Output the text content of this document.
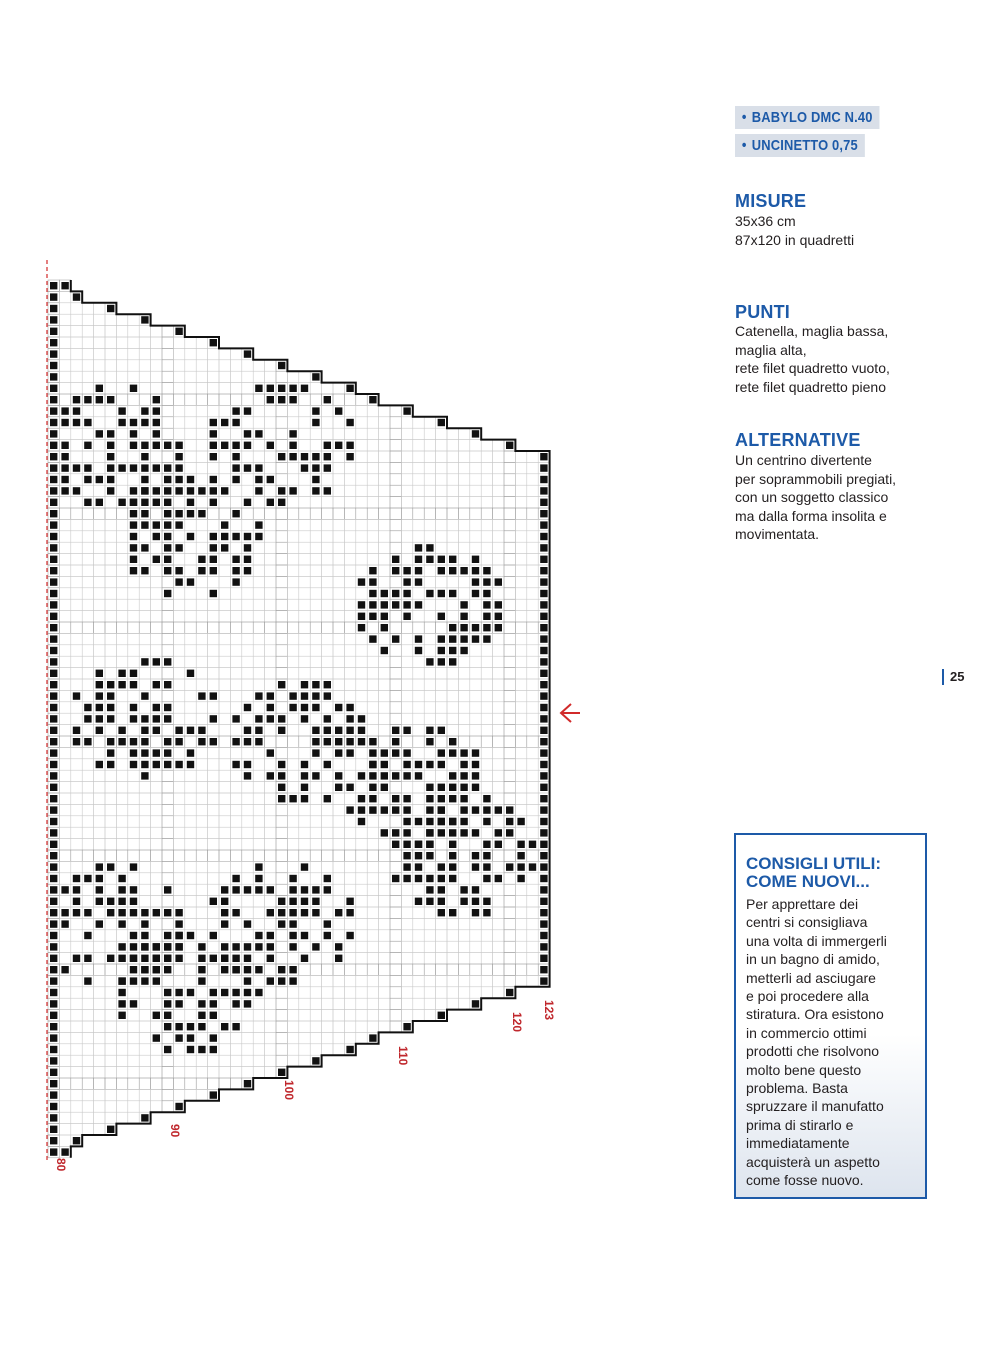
80
90
100
110
120
123
• BABYLO DMC N.40
• UNCINETTO 0,75
MISURE
35x36 cm
87x120 in quadretti
PUNTI
Catenella, maglia bassa,
maglia alta,
rete filet quadretto vuoto,
rete filet quadretto pieno
ALTERNATIVE
Un centrino divertente
per soprammobili pregiati,
con un soggetto classico
ma dalla forma insolita e
movimentata.
25
CONSIGLI UTILI:
COME NUOVI...
Per apprettare dei
centri si consigliava
una volta di immergerli
in un bagno di amido,
metterli ad asciugare
e poi procedere alla
stiratura. Ora esistono
in commercio ottimi
prodotti che risolvono
molto bene questo
problema. Basta
spruzzare il manufatto
prima di stirarlo e
immediatamente
acquisterà un aspetto
come fosse nuovo.
